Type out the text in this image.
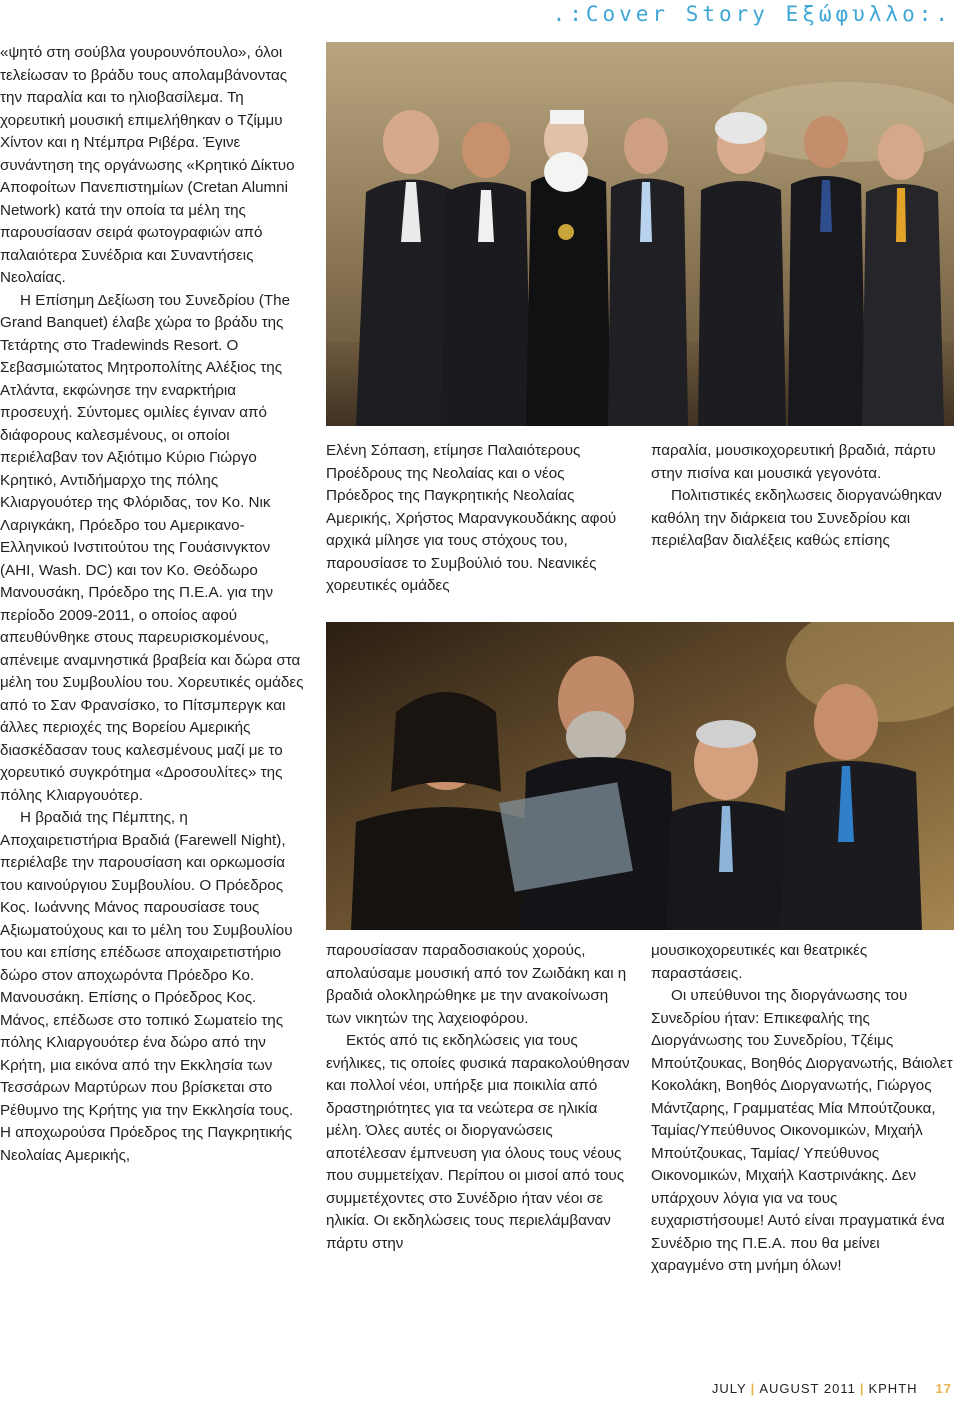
.:Cover Story Εξώφυλλο:.

«ψητό στη σούβλα γουρουνόπουλο», όλοι τελείωσαν το βράδυ τους απολαμβάνοντας την παραλία και το ηλιοβασίλεμα. Τη χορευτική μουσική επιμελήθηκαν ο Τζίμμυ Χίντον και η Ντέμπρα Ριβέρα. Έγινε συνάντηση της οργάνωσης «Κρητικό Δίκτυο Αποφοίτων Πανεπιστημίων (Cretan Alumni Network) κατά την οποία τα μέλη της παρουσίασαν σειρά φωτογραφιών από παλαιότερα Συνέδρια και Συναντήσεις Νεολαίας.

Η Επίσημη Δεξίωση του Συνεδρίου (The Grand Banquet) έλαβε χώρα το βράδυ της Τετάρτης στο Tradewinds Resort. Ο Σεβασμιώτατος Μητροπολίτης Αλέξιος της Ατλάντα, εκφώνησε την εναρκτήρια προσευχή. Σύντομες ομιλίες έγιναν από διάφορους καλεσμένους, οι οποίοι περιέλαβαν τον Αξιότιμο Κύριο Γιώργο Κρητικό, Αντιδήμαρχο της πόλης Κλιαργουότερ της Φλόριδας, τον Κο. Νικ Λαριγκάκη, Πρόεδρο του Αμερικανο-Ελληνικού Ινστιτούτου της Γουάσινγκτον (AHI, Wash. DC) και τον Κο. Θεόδωρο Μανουσάκη, Πρόεδρο της Π.Ε.Α. για την περίοδο 2009-2011, ο οποίος αφού απευθύνθηκε στους παρευρισκομένους, απένειμε αναμνηστικά βραβεία και δώρα στα μέλη του Συμβουλίου του. Χορευτικές ομάδες από το Σαν Φρανσίσκο, το Πίτσμπεργκ και άλλες περιοχές της Βορείου Αμερικής διασκέδασαν τους καλεσμένους μαζί με το χορευτικό συγκρότημα «Δροσουλίτες» της πόλης Κλιαργουότερ.

Η βραδιά της Πέμπτης, η Αποχαιρετιστήρια Βραδιά (Farewell Night), περιέλαβε την παρουσίαση και ορκωμοσία του καινούργιου Συμβουλίου. Ο Πρόεδρος Κος. Ιωάννης Μάνος παρουσίασε τους Αξιωματούχους και το μέλη του Συμβουλίου του και επίσης επέδωσε αποχαιρετιστήριο δώρο στον αποχωρόντα Πρόεδρο Κο. Μανουσάκη. Επίσης ο Πρόεδρος Κος. Μάνος, επέδωσε στο τοπικό Σωματείο της πόλης Κλιαργουότερ ένα δώρο από την Κρήτη, μια εικόνα από την Εκκλησία των Τεσσάρων Μαρτύρων που βρίσκεται στο Ρέθυμνο της Κρήτης για την Εκκλησία τους. Η αποχωρούσα Πρόεδρος της Παγκρητικής Νεολαίας Αμερικής,

Ελένη Σόπαση, ετίμησε Παλαιότερους Προέδρους της Νεολαίας και ο νέος Πρόεδρος της Παγκρητικής Νεολαίας Αμερικής, Χρήστος Μαρανγκουδάκης αφού αρχικά μίλησε για τους στόχους του, παρουσίασε το Συμβούλιό του. Νεανικές χορευτικές ομάδες

παραλία, μουσικοχορευτική βραδιά, πάρτυ στην πισίνα και μουσικά γεγονότα.

Πολιτιστικές εκδηλωσεις διοργανώθηκαν καθόλη την διάρκεια του Συνεδρίου και περιέλαβαν διαλέξεις καθώς επίσης

παρουσίασαν παραδοσιακούς χορούς, απολαύσαμε μουσική από τον Ζωιδάκη και η βραδιά ολοκληρώθηκε με την ανακοίνωση των νικητών της λαχειοφόρου.

Εκτός από τις εκδηλώσεις για τους ενήλικες, τις οποίες φυσικά παρακολούθησαν και πολλοί νέοι, υπήρξε μια ποικιλία από δραστηριότητες για τα νεώτερα σε ηλικία μέλη. Όλες αυτές οι διοργανώσεις αποτέλεσαν έμπνευση για όλους τους νέους που συμμετείχαν. Περίπου οι μισοί από τους συμμετέχοντες στο Συνέδριο ήταν νέοι σε ηλικία. Οι εκδηλώσεις τους περιελάμβαναν πάρτυ στην

μουσικοχορευτικές και θεατρικές παραστάσεις.

Οι υπεύθυνοι της διοργάνωσης του Συνεδρίου ήταν: Επικεφαλής της Διοργάνωσης του Συνεδρίου, Τζέιμς Μπούτζουκας, Βοηθός Διοργανωτής, Βάιολετ Κοκολάκη, Βοηθός Διοργανωτής, Γιώργος Μάντζαρης, Γραμματέας Μία Μπούτζουκα, Ταμίας/Υπεύθυνος Οικονομικών, Μιχαήλ Μπούτζουκας, Ταμίας/ Υπεύθυνος Οικονομικών, Μιχαήλ Καστρινάκης. Δεν υπάρχουν λόγια για να τους ευχαριστήσουμε! Αυτό είναι πραγματικά ένα Συνέδριο της Π.Ε.Α. που θα μείνει χαραγμένο στη μνήμη όλων!

JULY | AUGUST 2011 | ΚΡΗΤΗ 17
